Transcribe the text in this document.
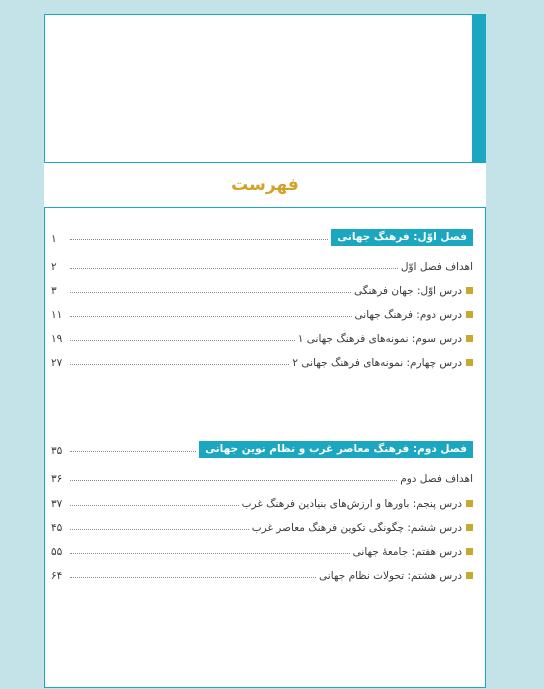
فهرست
فصل اوّل: فرهنگ جهانی
۱
اهداف فصل اوّل
۲
درس اوّل: جهان فرهنگی
۳
درس دوم: فرهنگ جهانی
۱۱
درس سوم: نمونه‌های فرهنگ جهانی ۱
۱۹
درس چهارم: نمونه‌های فرهنگ جهانی ۲
۲۷
فصل دوم: فرهنگ معاصر غرب و نظام نوین جهانی
۳۵
اهداف فصل دوم
۳۶
درس پنجم: باورها و ارزش‌های بنیادین فرهنگ غرب
۳۷
درس ششم: چگونگی تکوین فرهنگ معاصر غرب
۴۵
درس هفتم: جامعهٔ جهانی
۵۵
درس هشتم: تحولات نظام جهانی
۶۴
